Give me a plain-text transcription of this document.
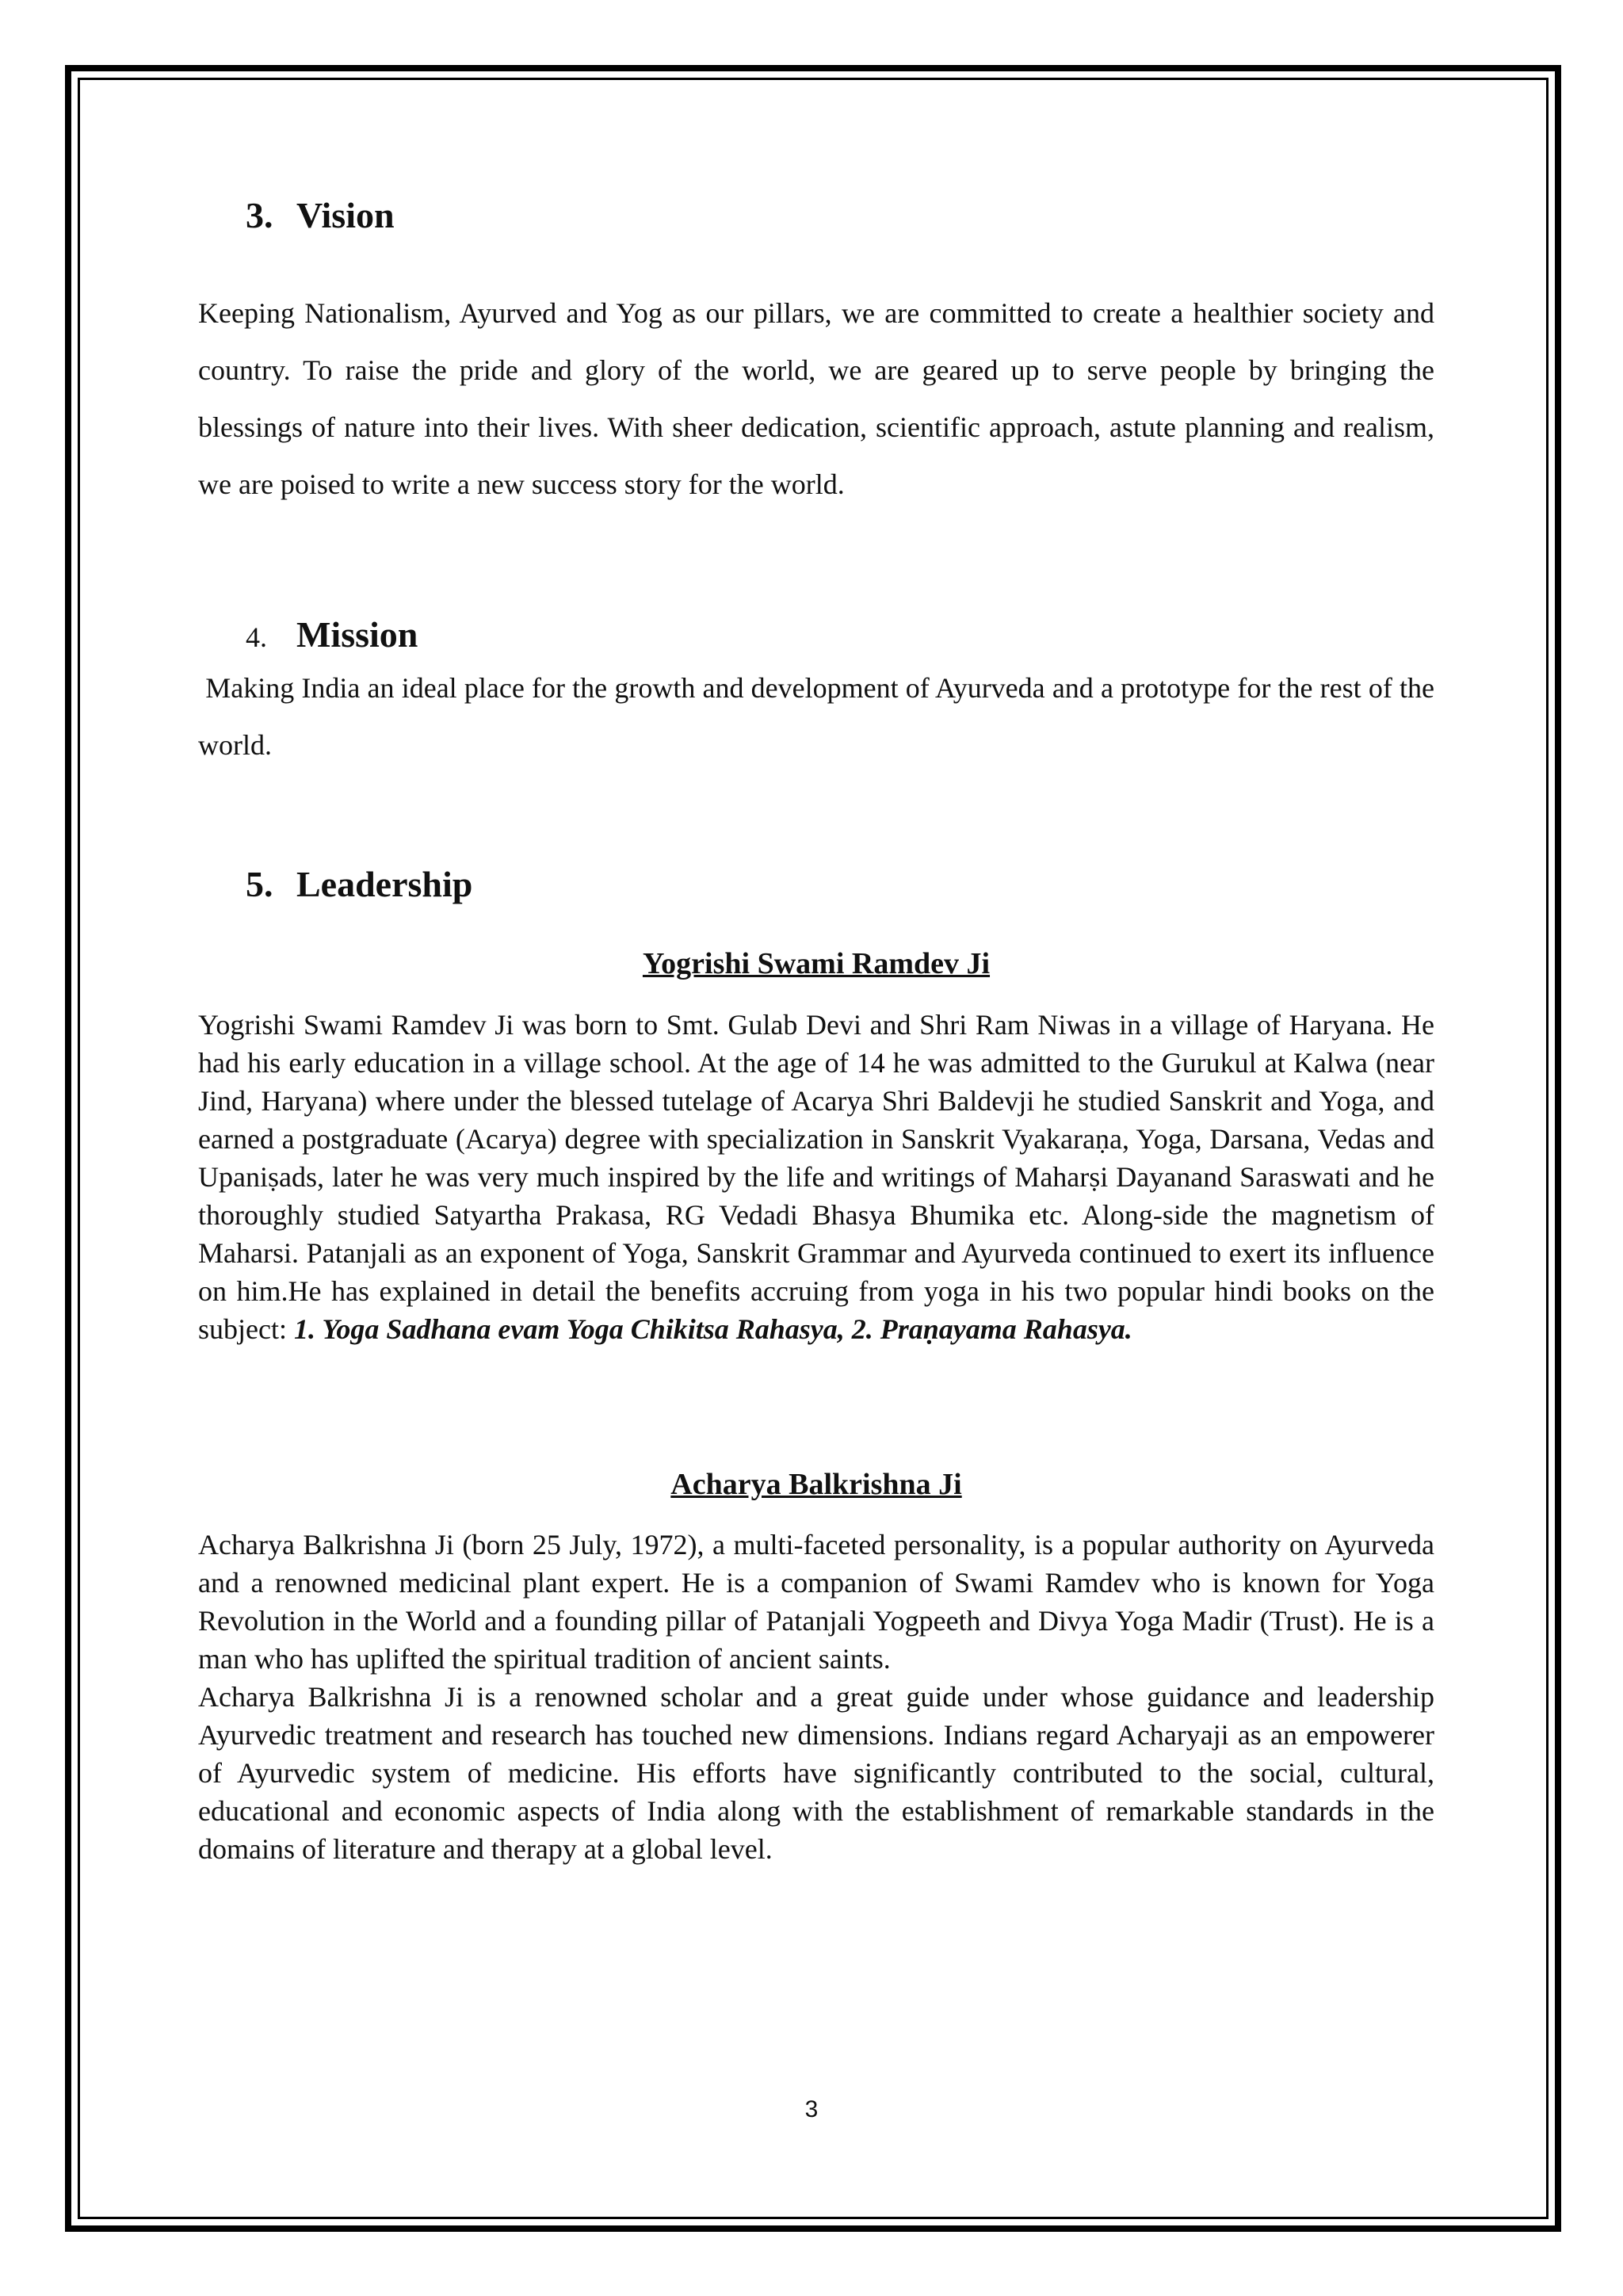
3. Vision

Keeping Nationalism, Ayurved and Yog as our pillars, we are committed to create a healthier society and country. To raise the pride and glory of the world, we are geared up to serve people by bringing the blessings of nature into their lives. With sheer dedication, scientific approach, astute planning and realism, we are poised to write a new success story for the world.

4. Mission

Making India an ideal place for the growth and development of Ayurveda and a prototype for the rest of the world.

5. Leadership
Yogrishi Swami Ramdev Ji

Yogrishi Swami Ramdev Ji was born to Smt. Gulab Devi and Shri Ram Niwas in a village of Haryana. He had his early education in a village school. At the age of 14 he was admitted to the Gurukul at Kalwa (near Jind, Haryana) where under the blessed tutelage of Acarya Shri Baldevji he studied Sanskrit and Yoga, and earned a postgraduate (Acarya) degree with specialization in Sanskrit Vyakaraṇa, Yoga, Darsana, Vedas and Upaniṣads, later he was very much inspired by the life and writings of Maharṣi Dayanand Saraswati and he thoroughly studied Satyartha Prakasa, RG Vedadi Bhasya Bhumika etc. Along-side the magnetism of Maharsi. Patanjali as an exponent of Yoga, Sanskrit Grammar and Ayurveda continued to exert its influence on him.He has explained in detail the benefits accruing from yoga in his two popular hindi books on the subject: 1. Yoga Sadhana evam Yoga Chikitsa Rahasya, 2. Praṇayama Rahasya.

Acharya Balkrishna Ji

Acharya Balkrishna Ji (born 25 July, 1972), a multi-faceted personality, is a popular authority on Ayurveda and a renowned medicinal plant expert. He is a companion of Swami Ramdev who is known for Yoga Revolution in the World and a founding pillar of Patanjali Yogpeeth and Divya Yoga Madir (Trust). He is a man who has uplifted the spiritual tradition of ancient saints.

Acharya Balkrishna Ji is a renowned scholar and a great guide under whose guidance and leadership Ayurvedic treatment and research has touched new dimensions. Indians regard Acharyaji as an empowerer of Ayurvedic system of medicine. His efforts have significantly contributed to the social, cultural, educational and economic aspects of India along with the establishment of remarkable standards in the domains of literature and therapy at a global level.

3
